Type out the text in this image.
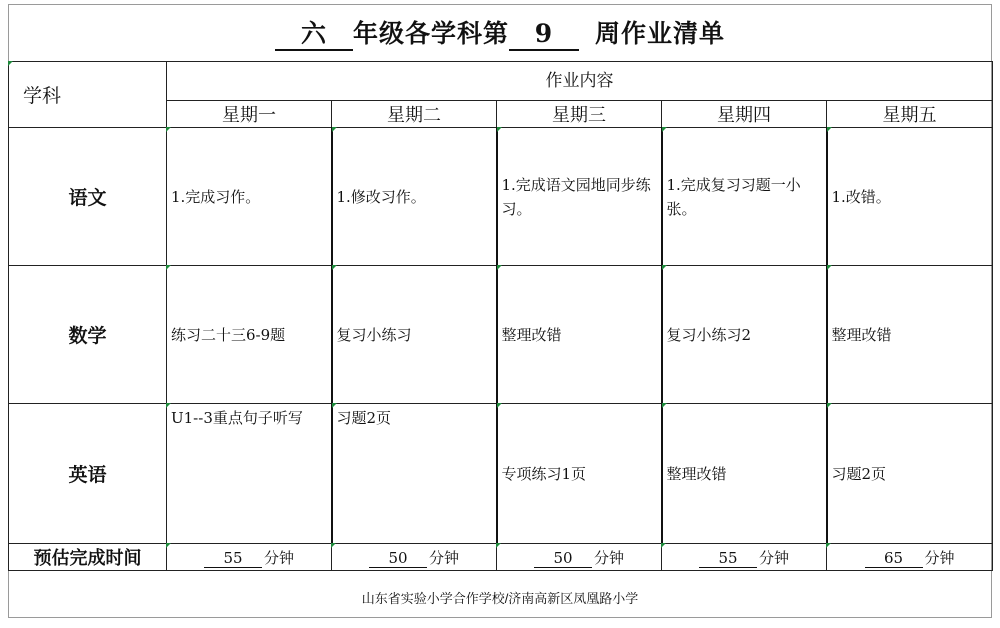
六 年级各学科第 9 周作业清单
学科	作业内容				
	星期一	星期二	星期三	星期四	星期五
语文	1.完成习作。	1.修改习作。	1.完成语文园地同步练习。	1.完成复习习题一小张。	1.改错。
数学	练习二十三6-9题	复习小练习	整理改错	复习小练习2	整理改错
英语	U1--3重点句子听写	习题2页	专项练习1页	整理改错	习题2页
预估完成时间	55 分钟	50 分钟	50 分钟	55 分钟	65 分钟
山东省实验小学合作学校/济南高新区凤凰路小学
